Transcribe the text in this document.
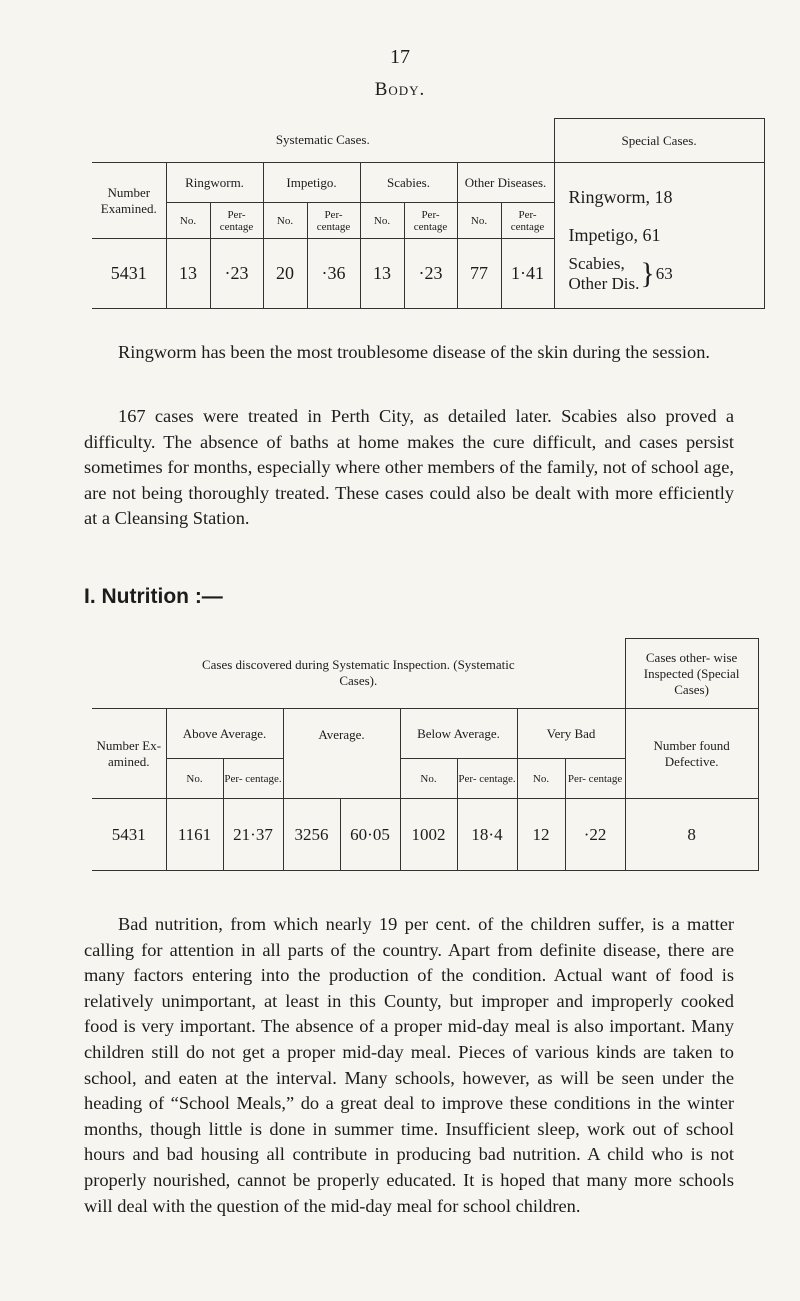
17
Body.
Systematic Cases.									Special Cases.
Number Examined.	Ringworm.		Impetigo.		Scabies.		Other Diseases.		Ringworm, 18
Impetigo, 61
Scabies,
Other Dis. }63

	No.	Per- centage	No.	Per- centage	No.	Per- centage	No.	Per- centage	
5431	13	·23	20	·36	13	·23	77	1·41	

Ringworm has been the most troublesome disease of the skin during the session.

167 cases were treated in Perth City, as detailed later. Scabies also proved a difficulty. The absence of baths at home makes the cure difficult, and cases persist sometimes for months, especially where other members of the family, not of school age, are not being thoroughly treated. These cases could also be dealt with more efficiently at a Cleansing Station.

I. Nutrition :—
Cases discovered during Systematic Inspection. (Systematic Cases).									Cases other- wise Inspected (Special Cases)
Number Ex- amined.	Above Average.		Average.		Below Average.		Very Bad		Number found Defective.
	No.	Per- centage.			No.	Per- centage.	No.	Per- centage	
5431	1161	21·37	3256	60·05	1002	18·4	12	·22	8

Bad nutrition, from which nearly 19 per cent. of the children suffer, is a matter calling for attention in all parts of the country. Apart from definite disease, there are many factors entering into the production of the condition. Actual want of food is relatively unimportant, at least in this County, but improper and improperly cooked food is very important. The absence of a proper mid-day meal is also important. Many children still do not get a proper mid-day meal. Pieces of various kinds are taken to school, and eaten at the interval. Many schools, however, as will be seen under the heading of “School Meals,” do a great deal to improve these conditions in the winter months, though little is done in summer time. Insufficient sleep, work out of school hours and bad housing all contribute in producing bad nutrition. A child who is not properly nourished, cannot be properly educated. It is hoped that many more schools will deal with the question of the mid-day meal for school children.
